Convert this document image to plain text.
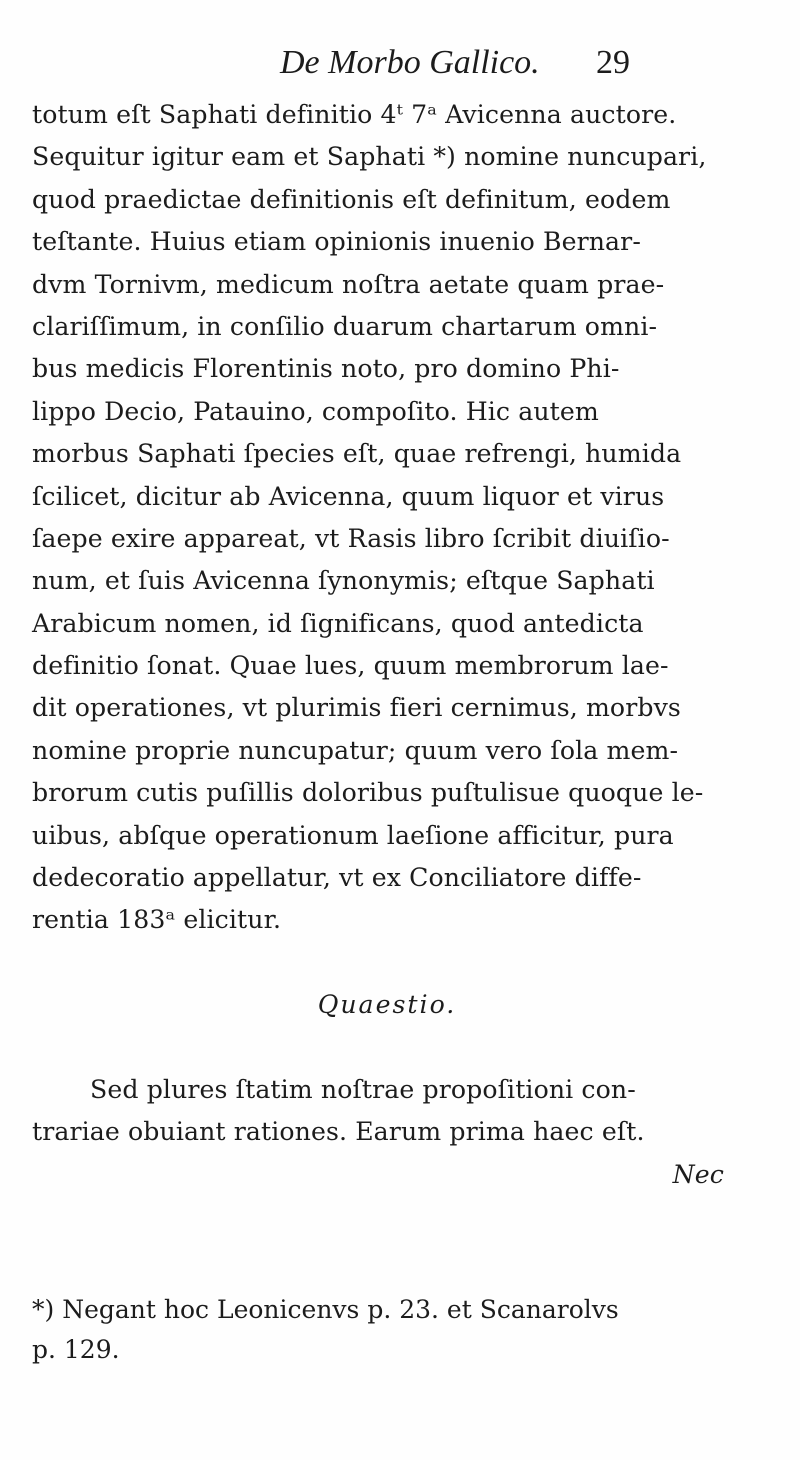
De Morbo Gallico. 29
totum eſt Saphati definitio 4ᵗ 7ᵃ Avicenna auctore.
Sequitur igitur eam et Saphati *) nomine nuncupari,
quod praedictae definitionis eſt definitum, eodem
teſtante. Huius etiam opinionis inuenio Bernar-
dvm Tornivm, medicum noſtra aetate quam prae-
clariſſimum, in conſilio duarum chartarum omni-
bus medicis Florentinis noto, pro domino Phi-
lippo Decio, Patauino, compoſito. Hic autem
morbus Saphati ſpecies eſt, quae refrengi, humida
ſcilicet, dicitur ab Avicenna, quum liquor et virus
ſaepe exire appareat, vt Rasis libro ſcribit diuiſio-
num, et ſuis Avicenna ſynonymis; eſtque Saphati
Arabicum nomen, id ſignificans, quod antedicta
definitio ſonat. Quae lues, quum membrorum lae-
dit operationes, vt plurimis fieri cernimus, morbvs
nomine proprie nuncupatur; quum vero ſola mem-
brorum cutis puſillis doloribus puſtulisue quoque le-
uibus, abſque operationum laeſione afficitur, pura
dedecoratio appellatur, vt ex Conciliatore diffe-
rentia 183ᵃ elicitur.
Quaestio.
Sed plures ſtatim noſtrae propoſitioni con-
trariae obuiant rationes. Earum prima haec eſt.
Nec
*) Negant hoc Leonicenvs p. 23. et Scanarolvs
p. 129.
